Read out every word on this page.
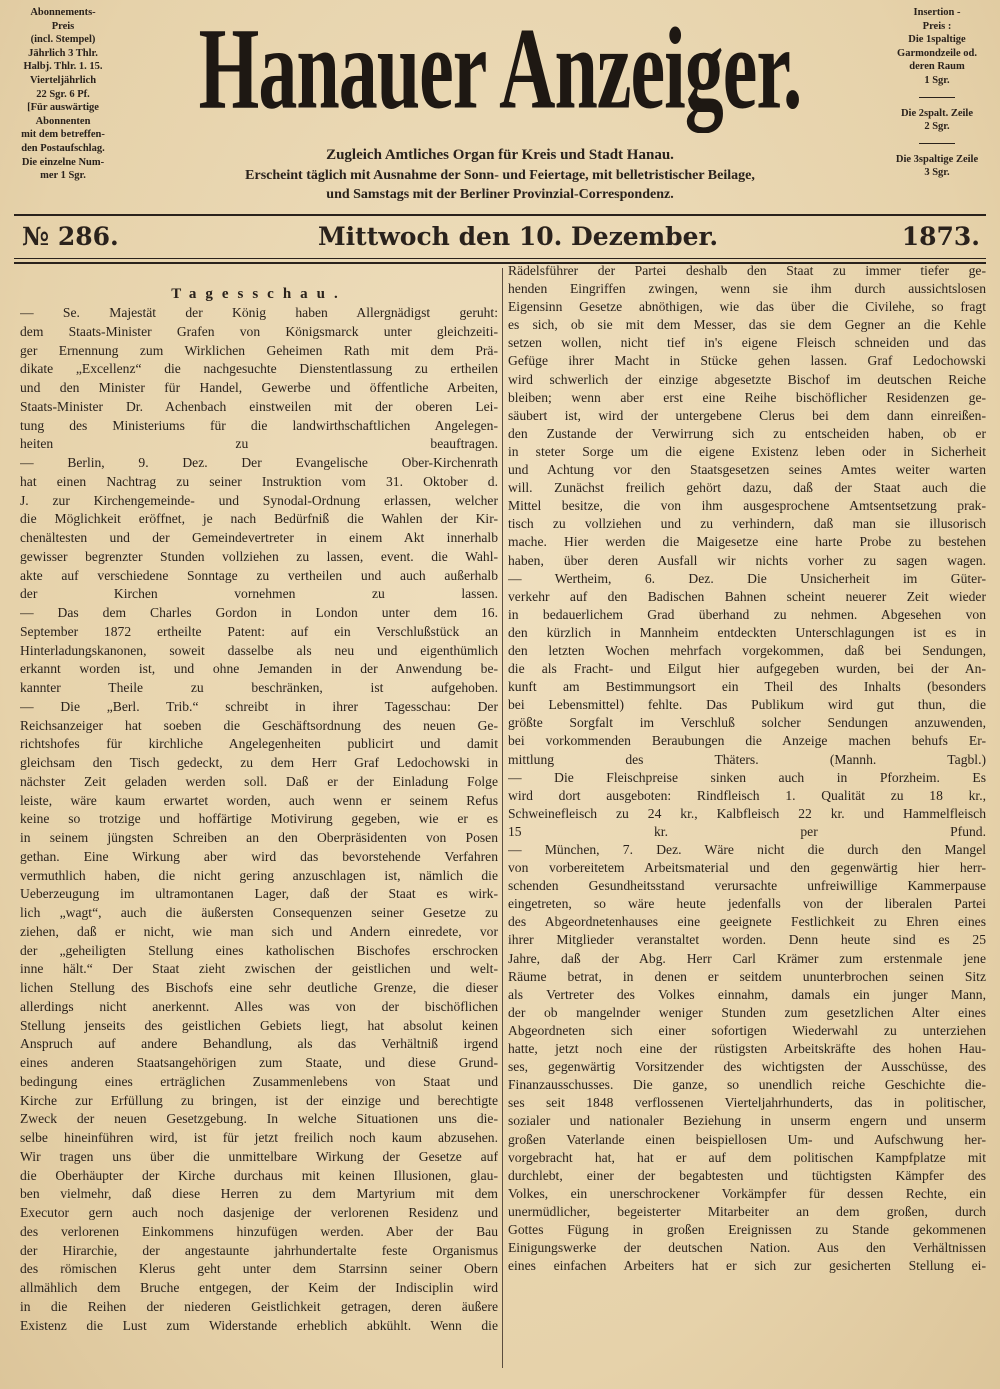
Abonnements-
Preis
(incl. Stempel)
Jährlich 3 Thlr.
Halbj. Thlr. 1. 15.
Vierteljährlich
22 Sgr. 6 Pf.
[Für auswärtige
Abonnenten
mit dem betreffen-
den Postaufschlag.
Die einzelne Num-
mer 1 Sgr.
Insertion -
Preis :
Die 1spaltige
Garmondzeile od.
deren Raum
1 Sgr.
Die 2spalt. Zeile
2 Sgr.
Die 3spaltige Zeile
3 Sgr.
Hanauer Anzeiger.
Zugleich Amtliches Organ für Kreis und Stadt Hanau.
Erscheint täglich mit Ausnahme der Sonn- und Feiertage, mit belletristischer Beilage,
und Samstags mit der Berliner Provinzial-Correspondenz.
№ 286.	Mittwoch den 10. Dezember.	1873.
Tagesschau.
— Se. Majestät der König haben Allergnädigst geruht:
dem Staats-Minister Grafen von Königsmarck unter gleichzeiti-
ger Ernennung zum Wirklichen Geheimen Rath mit dem Prä-
dikate „Excellenz“ die nachgesuchte Dienstentlassung zu ertheilen
und den Minister für Handel, Gewerbe und öffentliche Arbeiten,
Staats-Minister Dr. Achenbach einstweilen mit der oberen Lei-
tung des Ministeriums für die landwirthschaftlichen Angelegen-
heiten zu beauftragen.
— Berlin, 9. Dez. Der Evangelische Ober-Kirchenrath
hat einen Nachtrag zu seiner Instruktion vom 31. Oktober d.
J. zur Kirchengemeinde- und Synodal-Ordnung erlassen, welcher
die Möglichkeit eröffnet, je nach Bedürfniß die Wahlen der Kir-
chenältesten und der Gemeindevertreter in einem Akt innerhalb
gewisser begrenzter Stunden vollziehen zu lassen, event. die Wahl-
akte auf verschiedene Sonntage zu vertheilen und auch außerhalb
der Kirchen vornehmen zu lassen.
— Das dem Charles Gordon in London unter dem 16.
September 1872 ertheilte Patent: auf ein Verschlußstück an
Hinterladungskanonen, soweit dasselbe als neu und eigenthümlich
erkannt worden ist, und ohne Jemanden in der Anwendung be-
kannter Theile zu beschränken, ist aufgehoben.
— Die „Berl. Trib.“ schreibt in ihrer Tagesschau: Der
Reichsanzeiger hat soeben die Geschäftsordnung des neuen Ge-
richtshofes für kirchliche Angelegenheiten publicirt und damit
gleichsam den Tisch gedeckt, zu dem Herr Graf Ledochowski in
nächster Zeit geladen werden soll. Daß er der Einladung Folge
leiste, wäre kaum erwartet worden, auch wenn er seinem Refus
keine so trotzige und hoffärtige Motivirung gegeben, wie er es
in seinem jüngsten Schreiben an den Oberpräsidenten von Posen
gethan. Eine Wirkung aber wird das bevorstehende Verfahren
vermuthlich haben, die nicht gering anzuschlagen ist, nämlich die
Ueberzeugung im ultramontanen Lager, daß der Staat es wirk-
lich „wagt“, auch die äußersten Consequenzen seiner Gesetze zu
ziehen, daß er nicht, wie man sich und Andern einredete, vor
der „geheiligten Stellung eines katholischen Bischofes erschrocken
inne hält.“ Der Staat zieht zwischen der geistlichen und welt-
lichen Stellung des Bischofs eine sehr deutliche Grenze, die dieser
allerdings nicht anerkennt. Alles was von der bischöflichen
Stellung jenseits des geistlichen Gebiets liegt, hat absolut keinen
Anspruch auf andere Behandlung, als das Verhältniß irgend
eines anderen Staatsangehörigen zum Staate, und diese Grund-
bedingung eines erträglichen Zusammenlebens von Staat und
Kirche zur Erfüllung zu bringen, ist der einzige und berechtigte
Zweck der neuen Gesetzgebung. In welche Situationen uns die-
selbe hineinführen wird, ist für jetzt freilich noch kaum abzusehen.
Wir tragen uns über die unmittelbare Wirkung der Gesetze auf
die Oberhäupter der Kirche durchaus mit keinen Illusionen, glau-
ben vielmehr, daß diese Herren zu dem Martyrium mit dem
Executor gern auch noch dasjenige der verlorenen Residenz und
des verlorenen Einkommens hinzufügen werden. Aber der Bau
der Hirarchie, der angestaunte jahrhundertalte feste Organismus
des römischen Klerus geht unter dem Starrsinn seiner Obern
allmählich dem Bruche entgegen, der Keim der Indisciplin wird
in die Reihen der niederen Geistlichkeit getragen, deren äußere
Existenz die Lust zum Widerstande erheblich abkühlt. Wenn die
Rädelsführer der Partei deshalb den Staat zu immer tiefer ge-
henden Eingriffen zwingen, wenn sie ihm durch aussichtslosen
Eigensinn Gesetze abnöthigen, wie das über die Civilehe, so fragt
es sich, ob sie mit dem Messer, das sie dem Gegner an die Kehle
setzen wollen, nicht tief in's eigene Fleisch schneiden und das
Gefüge ihrer Macht in Stücke gehen lassen. Graf Ledochowski
wird schwerlich der einzige abgesetzte Bischof im deutschen Reiche
bleiben; wenn aber erst eine Reihe bischöflicher Residenzen ge-
säubert ist, wird der untergebene Clerus bei dem dann einreißen-
den Zustande der Verwirrung sich zu entscheiden haben, ob er
in steter Sorge um die eigene Existenz leben oder in Sicherheit
und Achtung vor den Staatsgesetzen seines Amtes weiter warten
will. Zunächst freilich gehört dazu, daß der Staat auch die
Mittel besitze, die von ihm ausgesprochene Amtsentsetzung prak-
tisch zu vollziehen und zu verhindern, daß man sie illusorisch
mache. Hier werden die Maigesetze eine harte Probe zu bestehen
haben, über deren Ausfall wir nichts vorher zu sagen wagen.
— Wertheim, 6. Dez. Die Unsicherheit im Güter-
verkehr auf den Badischen Bahnen scheint neuerer Zeit wieder
in bedauerlichem Grad überhand zu nehmen. Abgesehen von
den kürzlich in Mannheim entdeckten Unterschlagungen ist es in
den letzten Wochen mehrfach vorgekommen, daß bei Sendungen,
die als Fracht- und Eilgut hier aufgegeben wurden, bei der An-
kunft am Bestimmungsort ein Theil des Inhalts (besonders
bei Lebensmittel) fehlte. Das Publikum wird gut thun, die
größte Sorgfalt im Verschluß solcher Sendungen anzuwenden,
bei vorkommenden Beraubungen die Anzeige machen behufs Er-
mittlung des Thäters. (Mannh. Tagbl.)
— Die Fleischpreise sinken auch in Pforzheim. Es
wird dort ausgeboten: Rindfleisch 1. Qualität zu 18 kr.,
Schweinefleisch zu 24 kr., Kalbfleisch 22 kr. und Hammelfleisch
15 kr. per Pfund.
— München, 7. Dez. Wäre nicht die durch den Mangel
von vorbereitetem Arbeitsmaterial und den gegenwärtig hier herr-
schenden Gesundheitsstand verursachte unfreiwillige Kammerpause
eingetreten, so wäre heute jedenfalls von der liberalen Partei
des Abgeordnetenhauses eine geeignete Festlichkeit zu Ehren eines
ihrer Mitglieder veranstaltet worden. Denn heute sind es 25
Jahre, daß der Abg. Herr Carl Krämer zum erstenmale jene
Räume betrat, in denen er seitdem ununterbrochen seinen Sitz
als Vertreter des Volkes einnahm, damals ein junger Mann,
der ob mangelnder weniger Stunden zum gesetzlichen Alter eines
Abgeordneten sich einer sofortigen Wiederwahl zu unterziehen
hatte, jetzt noch eine der rüstigsten Arbeitskräfte des hohen Hau-
ses, gegenwärtig Vorsitzender des wichtigsten der Ausschüsse, des
Finanzausschusses. Die ganze, so unendlich reiche Geschichte die-
ses seit 1848 verflossenen Vierteljahrhunderts, das in politischer,
sozialer und nationaler Beziehung in unserm engern und unserm
großen Vaterlande einen beispiellosen Um- und Aufschwung her-
vorgebracht hat, hat er auf dem politischen Kampfplatze mit
durchlebt, einer der begabtesten und tüchtigsten Kämpfer des
Volkes, ein unerschrockener Vorkämpfer für dessen Rechte, ein
unermüdlicher, begeisterter Mitarbeiter an dem großen, durch
Gottes Fügung in großen Ereignissen zu Stande gekommenen
Einigungswerke der deutschen Nation. Aus den Verhältnissen
eines einfachen Arbeiters hat er sich zur gesicherten Stellung ei-
